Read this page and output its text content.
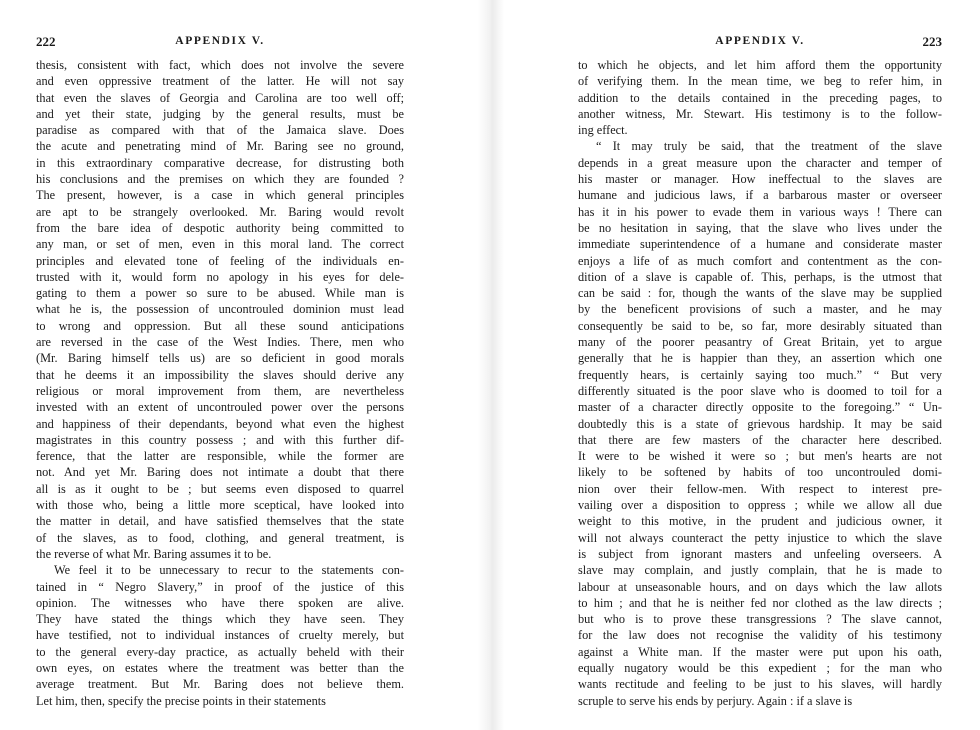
222	APPENDIX V.
thesis, consistent with fact, which does not involve the severe
and even oppressive treatment of the latter. He will not say
that even the slaves of Georgia and Carolina are too well off;
and yet their state, judging by the general results, must be
paradise as compared with that of the Jamaica slave. Does
the acute and penetrating mind of Mr. Baring see no ground,
in this extraordinary comparative decrease, for distrusting both
his conclusions and the premises on which they are founded ?
The present, however, is a case in which general principles
are apt to be strangely overlooked. Mr. Baring would revolt
from the bare idea of despotic authority being committed to
any man, or set of men, even in this moral land. The correct
principles and elevated tone of feeling of the individuals en-
trusted with it, would form no apology in his eyes for dele-
gating to them a power so sure to be abused. While man is
what he is, the possession of uncontrouled dominion must lead
to wrong and oppression. But all these sound anticipations
are reversed in the case of the West Indies. There, men who
(Mr. Baring himself tells us) are so deficient in good morals
that he deems it an impossibility the slaves should derive any
religious or moral improvement from them, are nevertheless
invested with an extent of uncontrouled power over the persons
and happiness of their dependants, beyond what even the highest
magistrates in this country possess ; and with this further dif-
ference, that the latter are responsible, while the former are
not. And yet Mr. Baring does not intimate a doubt that there
all is as it ought to be ; but seems even disposed to quarrel
with those who, being a little more sceptical, have looked into
the matter in detail, and have satisfied themselves that the state
of the slaves, as to food, clothing, and general treatment, is
the reverse of what Mr. Baring assumes it to be.
We feel it to be unnecessary to recur to the statements con-
tained in “ Negro Slavery,” in proof of the justice of this
opinion. The witnesses who have there spoken are alive.
They have stated the things which they have seen. They
have testified, not to individual instances of cruelty merely, but
to the general every-day practice, as actually beheld with their
own eyes, on estates where the treatment was better than the
average treatment. But Mr. Baring does not believe them.
Let him, then, specify the precise points in their statements
223
APPENDIX V.
to which he objects, and let him afford them the opportunity
of verifying them. In the mean time, we beg to refer him, in
addition to the details contained in the preceding pages, to
another witness, Mr. Stewart. His testimony is to the follow-
ing effect.
“ It may truly be said, that the treatment of the slave
depends in a great measure upon the character and temper of
his master or manager. How ineffectual to the slaves are
humane and judicious laws, if a barbarous master or overseer
has it in his power to evade them in various ways ! There can
be no hesitation in saying, that the slave who lives under the
immediate superintendence of a humane and considerate master
enjoys a life of as much comfort and contentment as the con-
dition of a slave is capable of. This, perhaps, is the utmost that
can be said : for, though the wants of the slave may be supplied
by the beneficent provisions of such a master, and he may
consequently be said to be, so far, more desirably situated than
many of the poorer peasantry of Great Britain, yet to argue
generally that he is happier than they, an assertion which one
frequently hears, is certainly saying too much.” “ But very
differently situated is the poor slave who is doomed to toil for a
master of a character directly opposite to the foregoing.” “ Un-
doubtedly this is a state of grievous hardship. It may be said
that there are few masters of the character here described.
It were to be wished it were so ; but men's hearts are not
likely to be softened by habits of too uncontrouled domi-
nion over their fellow-men. With respect to interest pre-
vailing over a disposition to oppress ; while we allow all due
weight to this motive, in the prudent and judicious owner, it
will not always counteract the petty injustice to which the slave
is subject from ignorant masters and unfeeling overseers. A
slave may complain, and justly complain, that he is made to
labour at unseasonable hours, and on days which the law allots
to him ; and that he is neither fed nor clothed as the law directs ;
but who is to prove these transgressions ? The slave cannot,
for the law does not recognise the validity of his testimony
against a White man. If the master were put upon his oath,
equally nugatory would be this expedient ; for the man who
wants rectitude and feeling to be just to his slaves, will hardly
scruple to serve his ends by perjury. Again : if a slave is
